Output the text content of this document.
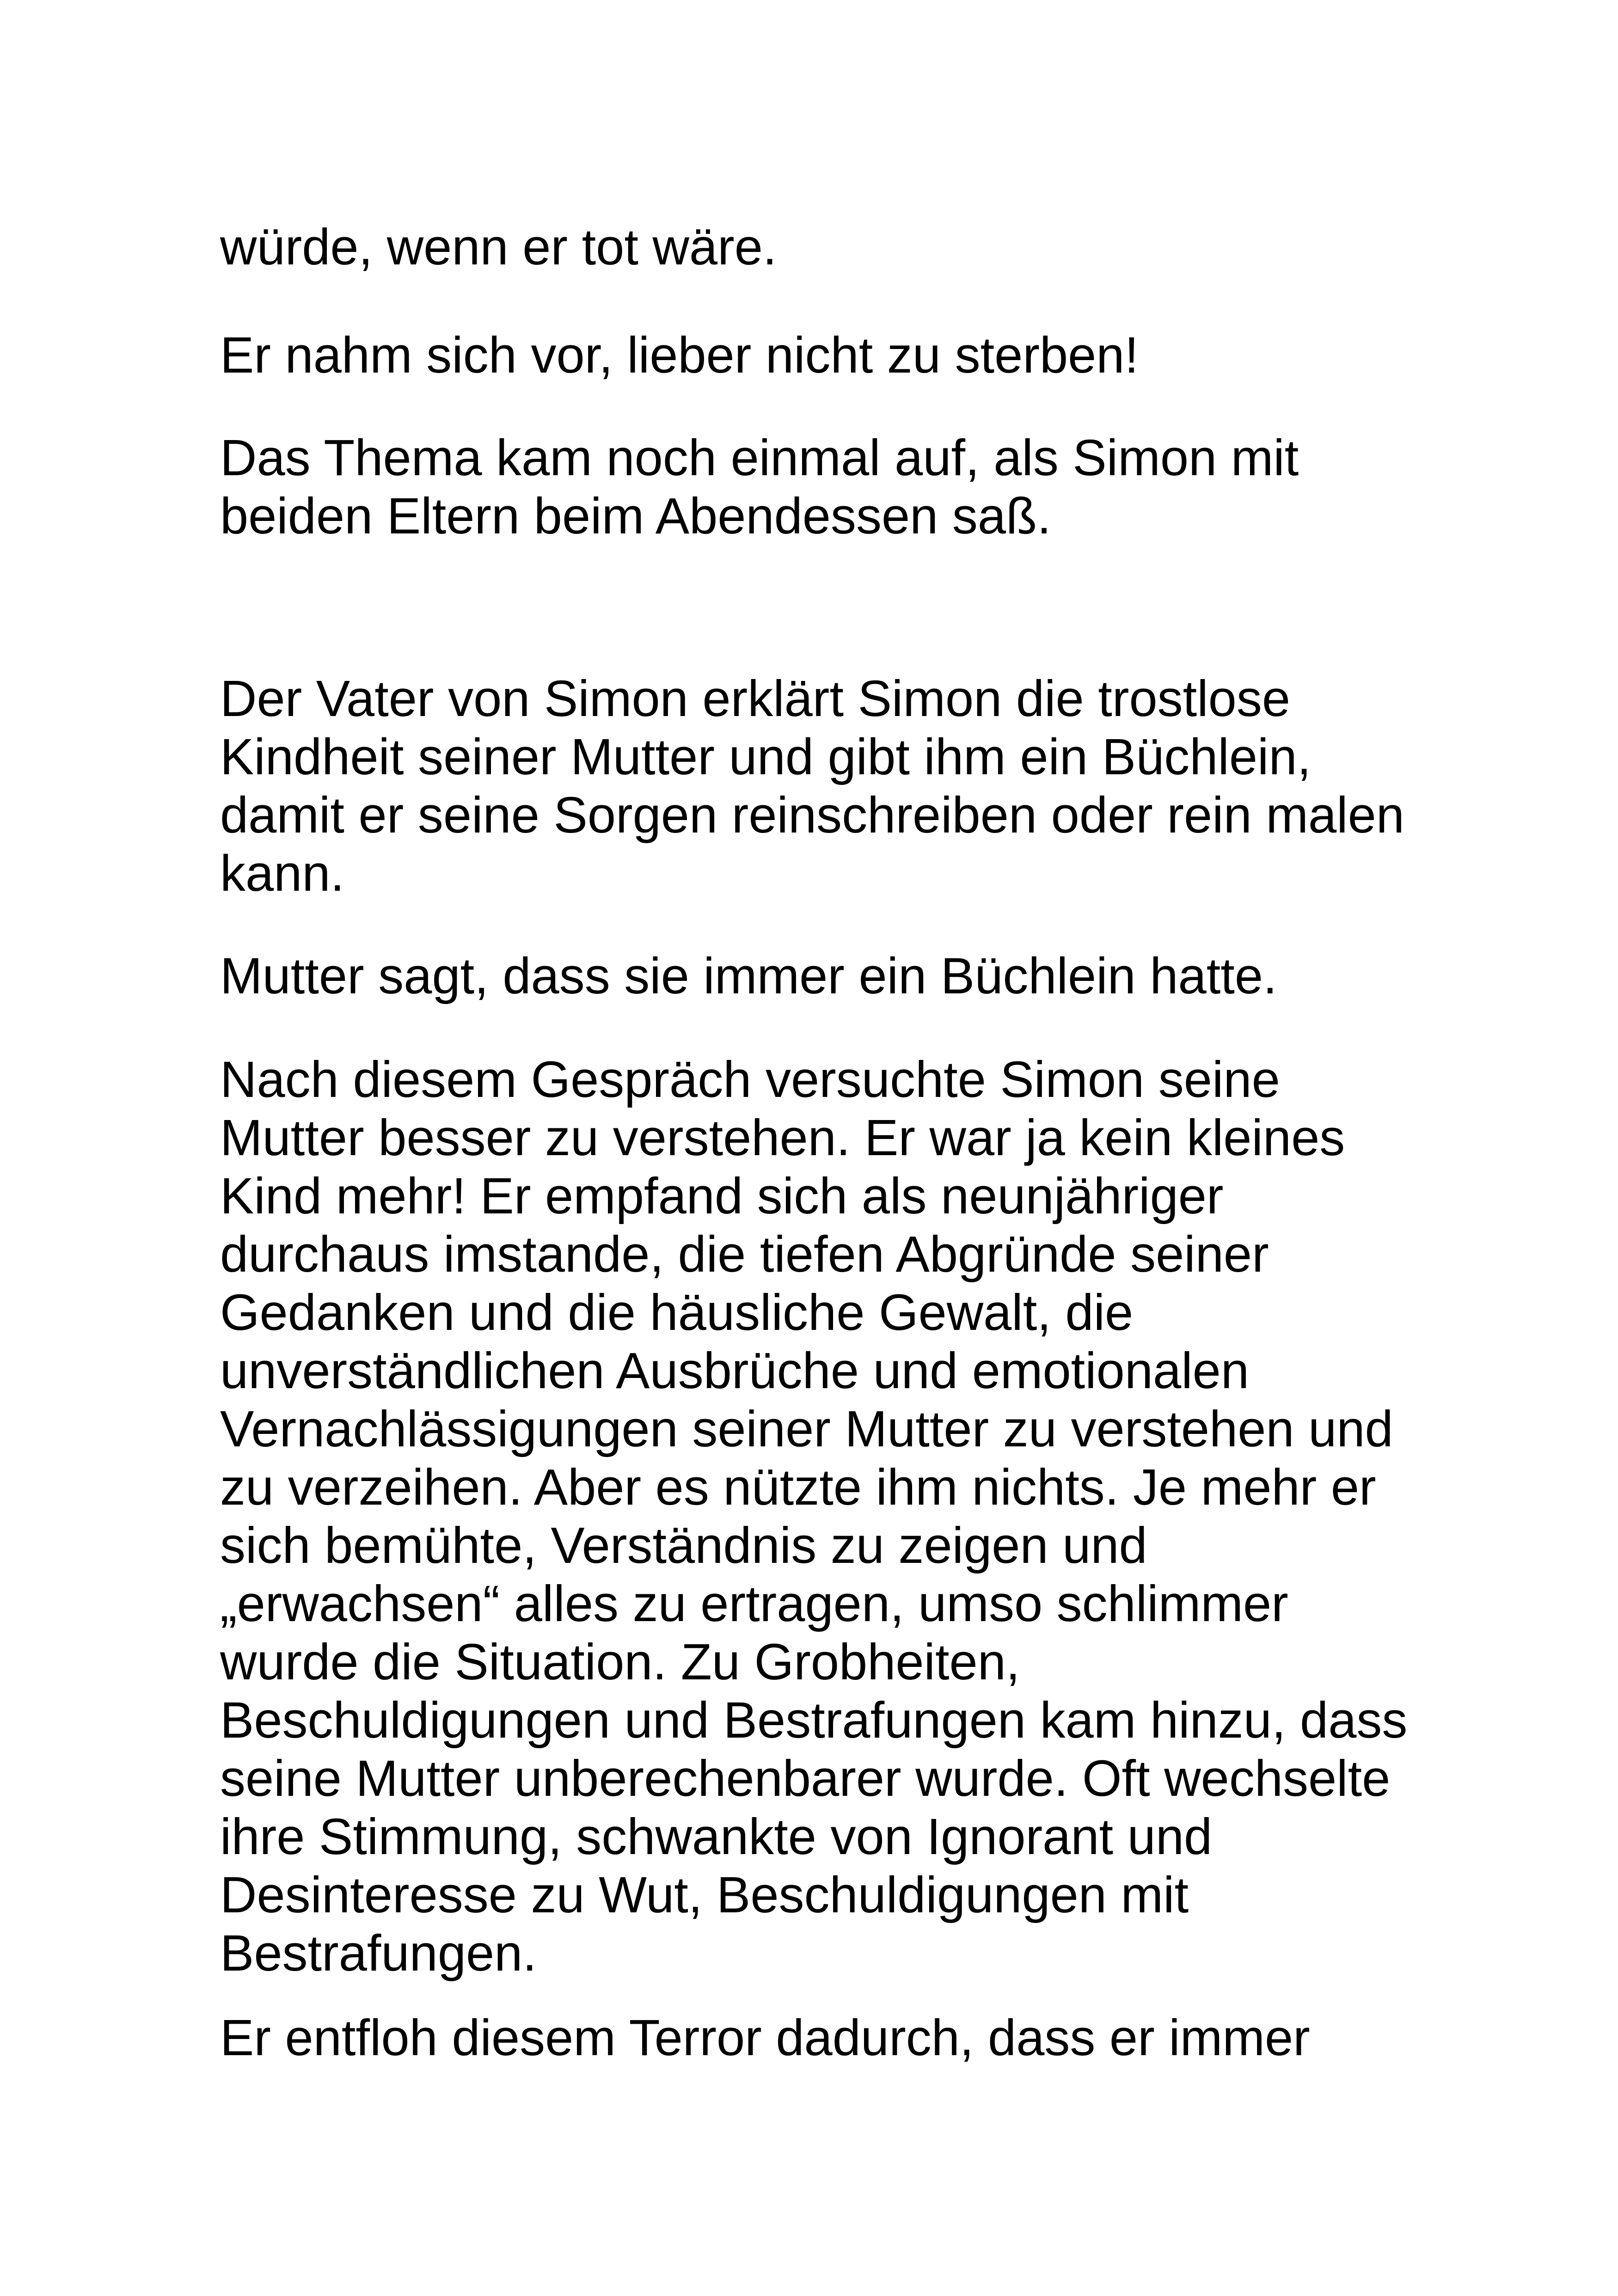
würde, wenn er tot wäre.

Er nahm sich vor, lieber nicht zu sterben!

Das Thema kam noch einmal auf, als Simon mit
beiden Eltern beim Abendessen saß.

Der Vater von Simon erklärt Simon die trostlose
Kindheit seiner Mutter und gibt ihm ein Büchlein,
damit er seine Sorgen reinschreiben oder rein malen
kann.

Mutter sagt, dass sie immer ein Büchlein hatte.

Nach diesem Gespräch versuchte Simon seine
Mutter besser zu verstehen. Er war ja kein kleines
Kind mehr! Er empfand sich als neunjähriger
durchaus imstande, die tiefen Abgründe seiner
Gedanken und die häusliche Gewalt, die
unverständlichen Ausbrüche und emotionalen
Vernachlässigungen seiner Mutter zu verstehen und
zu verzeihen. Aber es nützte ihm nichts. Je mehr er
sich bemühte, Verständnis zu zeigen und
„erwachsen“ alles zu ertragen, umso schlimmer
wurde die Situation. Zu Grobheiten,
Beschuldigungen und Bestrafungen kam hinzu, dass
seine Mutter unberechenbarer wurde. Oft wechselte
ihre Stimmung, schwankte von Ignorant und
Desinteresse zu Wut, Beschuldigungen mit
Bestrafungen.

Er entfloh diesem Terror dadurch, dass er immer
